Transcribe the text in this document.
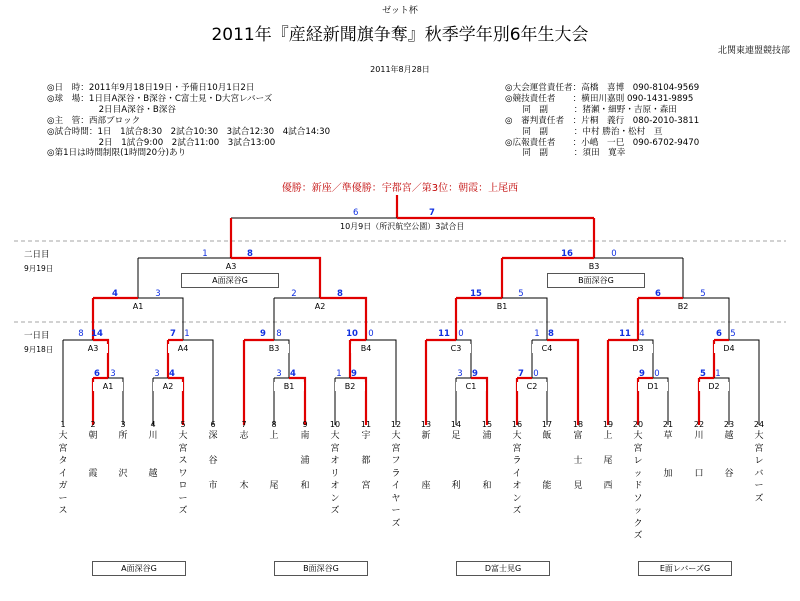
ゼット杯
2011年『産経新聞旗争奪』秋季学年別6年生大会
北関東連盟競技部
2011年8月28日
◎日　時：2011年9月18日19日・予備日10月1日2日
◎球　場：1日目A深谷・B深谷・C富士見・D大宮レバーズ
　　　　　　2日目A深谷・B深谷
◎主　管：西部ブロック
◎試合時間：1日　1試合8:30　2試合10:30　3試合12:30　4試合14:30
　　　　　　2日　1試合9:00　2試合11:00　3試合13:00
◎第1日は時間制限(1時間20分)あり
◎大会運営責任者：高橋　喜博　090-8104-9569
◎競技責任者　　：横田川嘉則 090-1431-9895
　　同　副　　　：猪瀬・細野・吉原・森田
◎　審判責任者　：片桐　義行　080-2010-3811
　　同　副　　　：中村 勝治・松村　亘
◎広報責任者　　：小嶋　一巳　090-6702-9470
　　同　副　　　：須田　寛幸
優勝：新座／準優勝：宇都宮／第3位：朝霞：上尾西
6	7
10月9日（所沢航空公園）3試合目
二日目
9月19日
一日目
9月18日
A面深谷G	B面深谷G
A3
1	8
B3
16	0
A1
4	3
A2
2	8
B1
15	5
B2
6	5
A3
8 14
A4
7 1
B3
9	8
B4
10	0
C3
11 0
C4
1 8
D3
11 4
D4
6 5
A1
6	3
A2
3	4
B1
3 4
B2
1	9
C1
3	9
C2
7	0
D1
9	0
D2
5	1
1
大
宮
タ
イ
ガ
ー
ス
2
朝
霞
3
所
沢
4
川
越
5
大
宮
ス
ワ
ロ
ー
ズ
6
深
谷
市
7
志
木
8
上
尾
9
南
浦
和
10
大
宮
オ
リ
オ
ン
ズ
11
宇
都
宮
12
大
宮
フ
ラ
イ
ヤ
ー
ズ
13
新
座
14
足
利
15
浦
和
16
大
宮
ラ
イ
オ
ン
ズ
17
飯
能
18
富
士
見
19
上
尾
西
20
大
宮
レ
ッ
ド
ソ
ッ
ク
ズ
21
草
加
22
川
口
23
越
谷
24
大
宮
レ
バ
ー
ズ
A面深谷G	B面深谷G	D富士見G	E面レバーズG
